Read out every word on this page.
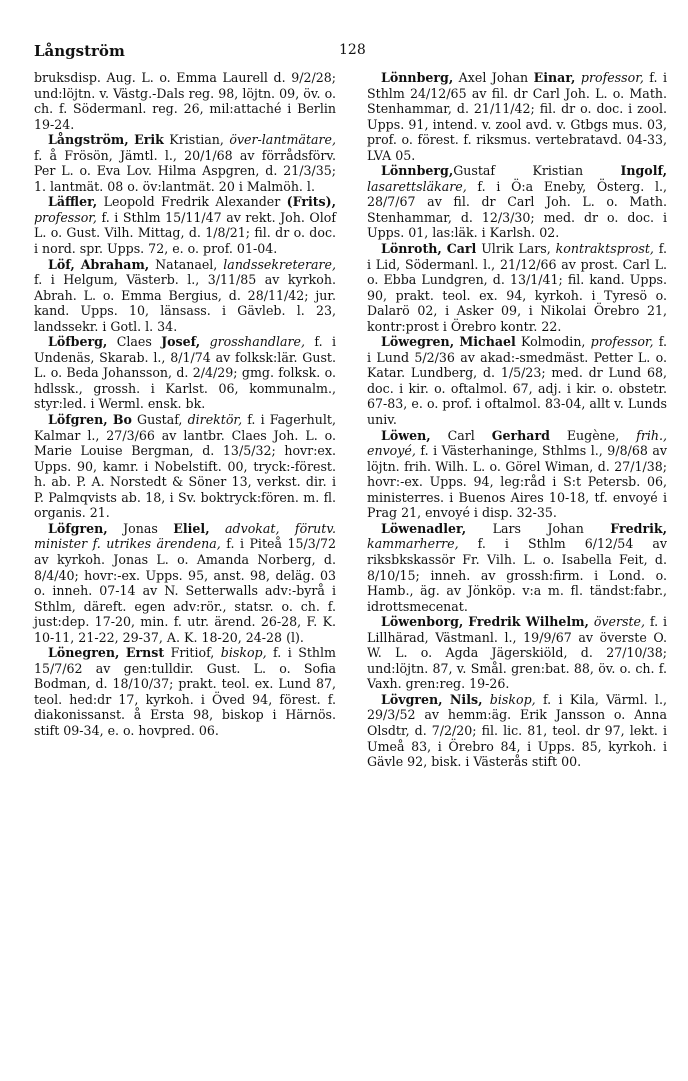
Långström	128

bruksdisp. Aug. L. o. Emma Laurell d. 9/2/28; und:löjtn. v. Västg.-Dals reg. 98, löjtn. 09, öv. o. ch. f. Södermanl. reg. 26, mil:attaché i Berlin 19-24.

Långström, Erik Kristian, över-lantmätare, f. å Frösön, Jämtl. l., 20/1/68 av förrådsförv. Per L. o. Eva Lov. Hilma Aspgren, d. 21/3/35; 1. lantmät. 08 o. öv:lantmät. 20 i Malmöh. l.

Läffler, Leopold Fredrik Alexander (Frits), professor, f. i Sthlm 15/11/47 av rekt. Joh. Olof L. o. Gust. Vilh. Mittag, d. 1/8/21; fil. dr o. doc. i nord. spr. Upps. 72, e. o. prof. 01-04.

Löf, Abraham, Natanael, landssekreterare, f. i Helgum, Västerb. l., 3/11/85 av kyrkoh. Abrah. L. o. Emma Bergius, d. 28/11/42; jur. kand. Upps. 10, länsass. i Gävleb. l. 23, landssekr. i Gotl. l. 34.

Löfberg, Claes Josef, grosshandlare, f. i Undenäs, Skarab. l., 8/1/74 av folksk:lär. Gust. L. o. Beda Johansson, d. 2/4/29; gmg. folksk. o. hdlssk., grossh. i Karlst. 06, kommunalm., styr:led. i Werml. ensk. bk.

Löfgren, Bo Gustaf, direktör, f. i Fagerhult, Kalmar l., 27/3/66 av lantbr. Claes Joh. L. o. Marie Louise Bergman, d. 13/5/32; hovr:ex. Upps. 90, kamr. i Nobelstift. 00, tryck:-förest. h. ab. P. A. Norstedt & Söner 13, verkst. dir. i P. Palmqvists ab. 18, i Sv. boktryck:fören. m. fl. organis. 21.

Löfgren, Jonas Eliel, advokat, förutv. minister f. utrikes ärendena, f. i Piteå 15/3/72 av kyrkoh. Jonas L. o. Amanda Norberg, d. 8/4/40; hovr:-ex. Upps. 95, anst. 98, deläg. 03 o. inneh. 07-14 av N. Setterwalls adv:-byrå i Sthlm, däreft. egen adv:rör., statsr. o. ch. f. just:dep. 17-20, min. f. utr. ärend. 26-28, F. K. 10-11, 21-22, 29-37, A. K. 18-20, 24-28 (l).

Lönegren, Ernst Fritiof, biskop, f. i Sthlm 15/7/62 av gen:tulldir. Gust. L. o. Sofia Bodman, d. 18/10/37; prakt. teol. ex. Lund 87, teol. hed:dr 17, kyrkoh. i Öved 94, förest. f. diakonissanst. å Ersta 98, biskop i Härnös. stift 09-34, e. o. hovpred. 06.

Lönnberg, Axel Johan Einar, professor, f. i Sthlm 24/12/65 av fil. dr Carl Joh. L. o. Math. Stenhammar, d. 21/11/42; fil. dr o. doc. i zool. Upps. 91, intend. v. zool avd. v. Gtbgs mus. 03, prof. o. förest. f. riksmus. vertebratavd. 04-33, LVA 05.

Lönnberg,Gustaf Kristian Ingolf, lasarettsläkare, f. i Ö:a Eneby, Österg. l., 28/7/67 av fil. dr Carl Joh. L. o. Math. Stenhammar, d. 12/3/30; med. dr o. doc. i Upps. 01, las:läk. i Karlsh. 02.

Lönroth, Carl Ulrik Lars, kontraktsprost, f. i Lid, Södermanl. l., 21/12/66 av prost. Carl L. o. Ebba Lundgren, d. 13/1/41; fil. kand. Upps. 90, prakt. teol. ex. 94, kyrkoh. i Tyresö o. Dalarö 02, i Asker 09, i Nikolai Örebro 21, kontr:prost i Örebro kontr. 22.

Löwegren, Michael Kolmodin, professor, f. i Lund 5/2/36 av akad:-smedmäst. Petter L. o. Katar. Lundberg, d. 1/5/23; med. dr Lund 68, doc. i kir. o. oftalmol. 67, adj. i kir. o. obstetr. 67-83, e. o. prof. i oftalmol. 83-04, allt v. Lunds univ.

Löwen, Carl Gerhard Eugène, frih., envoyé, f. i Västerhaninge, Sthlms l., 9/8/68 av löjtn. frih. Wilh. L. o. Görel Wiman, d. 27/1/38; hovr:-ex. Upps. 94, leg:råd i S:t Petersb. 06, ministerres. i Buenos Aires 10-18, tf. envoyé i Prag 21, envoyé i disp. 32-35.

Löwenadler, Lars Johan Fredrik, kammarherre, f. i Sthlm 6/12/54 av riksbkskassör Fr. Vilh. L. o. Isabella Feit, d. 8/10/15; inneh. av grossh:firm. i Lond. o. Hamb., äg. av Jönköp. v:a m. fl. tändst:fabr., idrottsmecenat.

Löwenborg, Fredrik Wilhelm, överste, f. i Lillhärad, Västmanl. l., 19/9/67 av överste O. W. L. o. Agda Jägerskiöld, d. 27/10/38; und:löjtn. 87, v. Smål. gren:bat. 88, öv. o. ch. f. Vaxh. gren:reg. 19-26.

Lövgren, Nils, biskop, f. i Kila, Värml. l., 29/3/52 av hemm:äg. Erik Jansson o. Anna Olsdtr, d. 7/2/20; fil. lic. 81, teol. dr 97, lekt. i Umeå 83, i Örebro 84, i Upps. 85, kyrkoh. i Gävle 92, bisk. i Västerås stift 00.
